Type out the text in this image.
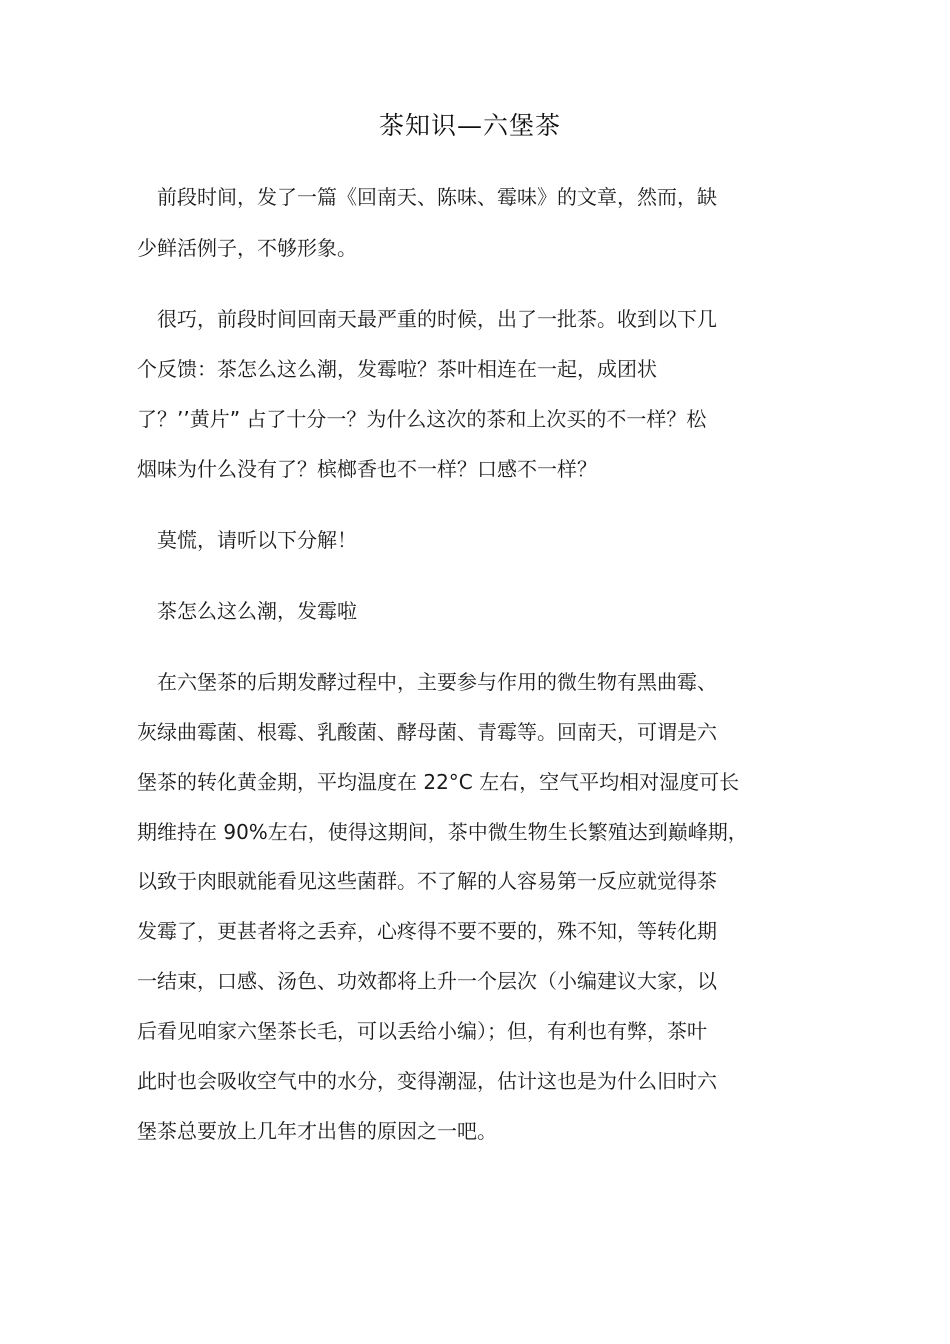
茶知识—六堡茶
　前段时间，发了一篇《回南天、陈味、霉味》的文章，然而，缺
少鲜活例子，不够形象。
　很巧，前段时间回南天最严重的时候，出了一批茶。收到以下几
个反馈：茶怎么这么潮，发霉啦？茶叶相连在一起，成团状
了？’’黄片” 占了十分一？为什么这次的茶和上次买的不一样？松
烟味为什么没有了？槟榔香也不一样？口感不一样？
　莫慌，请听以下分解！
　茶怎么这么潮，发霉啦
　在六堡茶的后期发酵过程中，主要参与作用的微生物有黑曲霉、
灰绿曲霉菌、根霉、乳酸菌、酵母菌、青霉等。回南天，可谓是六
堡茶的转化黄金期，平均温度在 22°C 左右，空气平均相对湿度可长
期维持在 90%左右，使得这期间，茶中微生物生长繁殖达到巅峰期，
以致于肉眼就能看见这些菌群。不了解的人容易第一反应就觉得茶
发霉了，更甚者将之丢弃，心疼得不要不要的，殊不知，等转化期
一结束，口感、汤色、功效都将上升一个层次（小编建议大家，以
后看见咱家六堡茶长毛，可以丢给小编）；但，有利也有弊，茶叶
此时也会吸收空气中的水分，变得潮湿，估计这也是为什么旧时六
堡茶总要放上几年才出售的原因之一吧。
